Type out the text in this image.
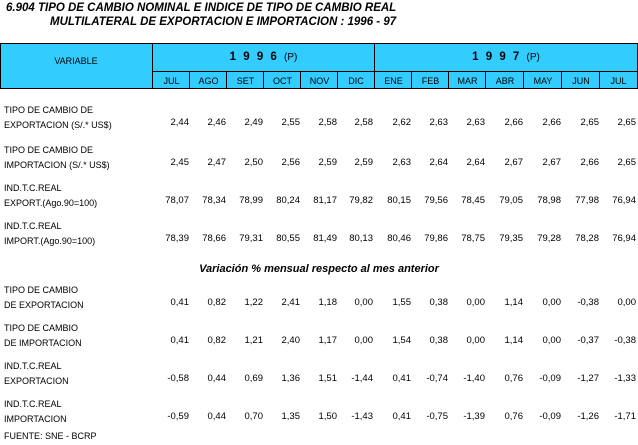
6.904 TIPO DE CAMBIO NOMINAL E INDICE DE TIPO DE CAMBIO REAL
MULTILATERAL DE EXPORTACION E IMPORTACION : 1996 - 97
VARIABLE	1 9 9 6 (P)	1 9 9 7 (P)
JUL	AGO	SET	OCT	NOV	DIC	ENE	FEB	MAR	ABR	MAY	JUN	JUL
TIPO DE CAMBIO DE
EXPORTACION (S/.* US$)	2,44	2,46	2,49	2,55	2,58	2,58	2,62	2,63	2,63	2,66	2,66	2,65	2,65
TIPO DE CAMBIO DE
IMPORTACION (S/.* US$)	2,45	2,47	2,50	2,56	2,59	2,59	2,63	2,64	2,64	2,67	2,67	2,66	2,65
IND.T.C.REAL
EXPORT.(Ago.90=100)	78,07	78,34	78,99	80,24	81,17	79,82	80,15	79,56	78,45	79,05	78,98	77,98	76,94
IND.T.C.REAL
IMPORT.(Ago.90=100)	78,39	78,66	79,31	80,55	81,49	80,13	80,46	79,86	78,75	79,35	79,28	78,28	76,94
Variación % mensual respecto al mes anterior
TIPO DE CAMBIO
DE EXPORTACION	0,41	0,82	1,22	2,41	1,18	0,00	1,55	0,38	0,00	1,14	0,00	-0,38	0,00
TIPO DE CAMBIO
DE IMPORTACION	0,41	0,82	1,21	2,40	1,17	0,00	1,54	0,38	0,00	1,14	0,00	-0,37	-0,38
IND.T.C.REAL
EXPORTACION	-0,58	0,44	0,69	1,36	1,51	-1,44	0,41	-0,74	-1,40	0,76	-0,09	-1,27	-1,33
IND.T.C.REAL
IMPORTACION	-0,59	0,44	0,70	1,35	1,50	-1,43	0,41	-0,75	-1,39	0,76	-0,09	-1,26	-1,71
FUENTE: SNE - BCRP
